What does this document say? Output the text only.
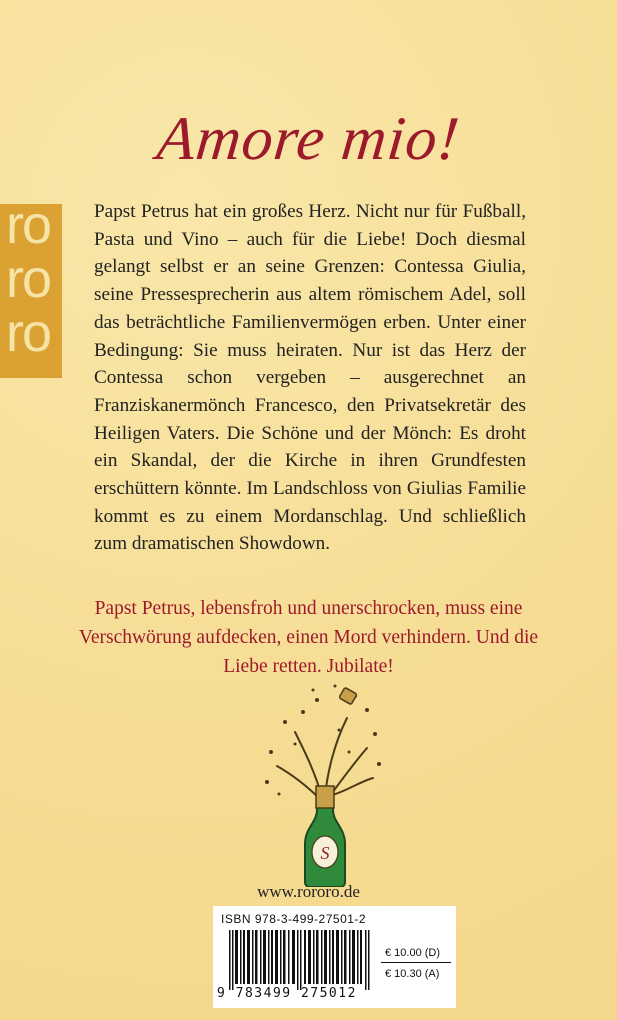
Amore mio!
ro
ro
ro

Papst Petrus hat ein großes Herz. Nicht nur für Fußball, Pasta und Vino – auch für die Liebe! Doch diesmal gelangt selbst er an seine Grenzen: Contessa Giulia, seine Pressesprecherin aus altem römischem Adel, soll das beträchtliche Familienvermögen erben. Unter einer Bedingung: Sie muss heiraten. Nur ist das Herz der Contessa schon vergeben – ausgerechnet an Franziskanermönch Francesco, den Privatsekretär des Heiligen Vaters. Die Schöne und der Mönch: Es droht ein Skandal, der die Kirche in ihren Grundfesten erschüttern könnte. Im Landschloss von Giulias Familie kommt es zu einem Mordanschlag. Und schließlich zum dramatischen Showdown.

Papst Petrus, lebensfroh und unerschrocken, muss eine Verschwörung aufdecken, einen Mord verhindern. Und die Liebe retten. Jubilate!

S
www.rororo.de
ISBN 978-3-499-27501-2
9 783499 275012
€ 10.00 (D)
€ 10.30 (A)
